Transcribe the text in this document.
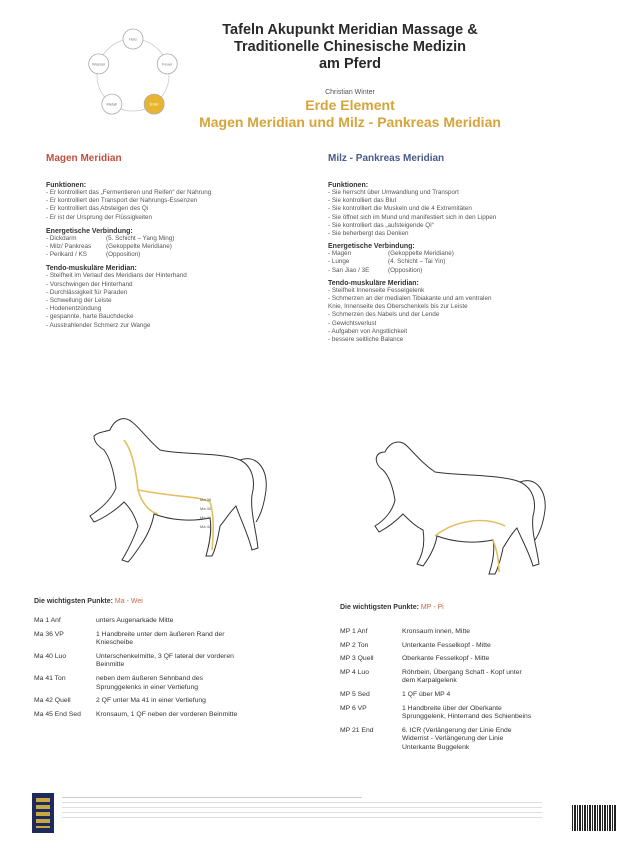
Holz
Feuer
Erde
Metall
Wasser
Tafeln Akupunkt Meridian Massage &
Traditionelle Chinesische Medizin
am Pferd
Christian Winter
Erde Element
Magen Meridian und Milz - Pankreas Meridian
Magen Meridian
Funktionen:
- Er kontrolliert das „Fermentieren und Reifen“ der Nahrung
- Er kontrolliert den Transport der Nahrungs-Essenzen
- Er kontrolliert das Absteigen des Qi
- Er ist der Ursprung der Flüssigkeiten
Energetische Verbindung:
- Dickdarm	(5. Schicht – Yang Ming)
- Milz/ Pankreas (Gekoppelte Meridiane)
- Perikard / KS	(Opposition)
Tendo-muskuläre Meridian:
- Steifheit im Verlauf des Meridians der Hinterhand
- Vorschwingen der Hinterhand
- Durchlässigkeit für Paraden
- Schwellung der Leiste
- Hodenentzündung
- gespannte, harte Bauchdecke
- Ausstrahlender Schmerz zur Wange
Milz - Pankreas Meridian
Funktionen:
- Sie herrscht über Umwandlung und Transport
- Sie kontrolliert das Blut
- Sie kontrolliert die Muskeln und die 4 Extremitäten
- Sie öffnet sich im Mund und manifestiert sich in den Lippen
- Sie kontrolliert das „aufsteigende Qi“
- Sie beherbergt das Denken
Energetische Verbindung:
- Magen	(Gekoppelte Meridiane)
- Lunge	(4. Schicht – Tai Yin)
- San Jiao / 3E	(Opposition)
Tendo-muskuläre Meridian:
- Steifheit Innenseite Fesselgelenk
- Schmerzen an der medialen Tibiakante und am ventralen
Knie, Innenseite des Oberschenkels bis zur Leiste
- Schmerzen des Nabels und der Lende
- Gewichtsverlust
- Aufgaben von Angstlichkeit
- bessere seitliche Balance
Ma 36
Ma 40
Ma 41
Ma 42
Die wichtigsten Punkte: Ma - Wei
Ma 1 Anf	unters Augenarkade Mitte
Ma 36 VP	1 Handbreite unter dem äußeren Rand der
Kniescheibe
Ma 40 Luo	Unterschenkelmitte, 3 QF lateral der vorderen
Beinmitte
Ma 41 Ton	neben dem äußeren Sehnband des
Sprunggelenks in einer Vertiefung
Ma 42 Quell	2 QF unter Ma 41 in einer Vertiefung
Ma 45 End Sed Kronsaum, 1 QF neben der vorderen Beinmitte
Die wichtigsten Punkte: MP - Pi
MP 1 Anf	Kronsaum innen, Mitte
MP 2 Ton	Unterkante Fesselkopf - Mitte
MP 3 Quell	Oberkante Fesselkopf - Mitte
MP 4 Luo	Röhrbein, Übergang Schaft - Kopf unter
dem Karpalgelenk
MP 5 Sed	1 QF über MP 4
MP 6 VP	1 Handbreite über der Oberkante
Sprunggelenk, Hinterrand des Schienbeins
MP 21 End	6. ICR (Verlängerung der Linie Ende
Widerrist - Verlängerung der Linie
Unterkante Buggelenk
